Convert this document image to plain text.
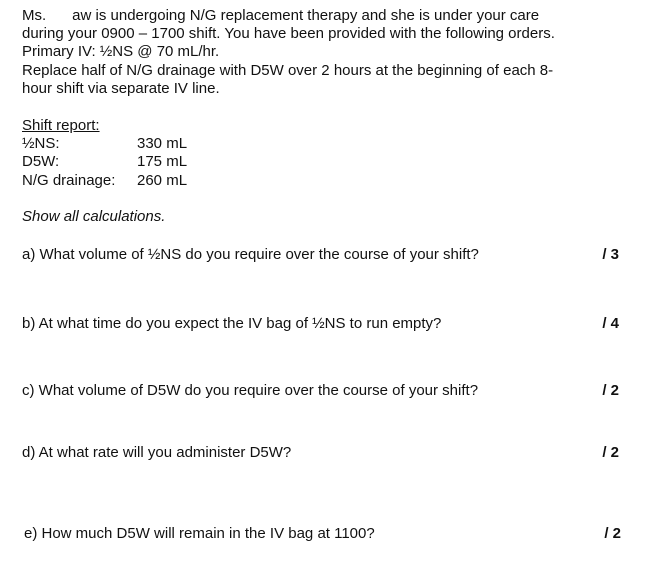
Ms. aw is undergoing N/G replacement therapy and she is under your care
during your 0900 – 1700 shift. You have been provided with the following orders.
Primary IV: ½NS @ 70 mL/hr.
Replace half of N/G drainage with D5W over 2 hours at the beginning of each 8-
hour shift via separate IV line.
Shift report:
½NS:	330 mL
D5W:	175 mL
N/G drainage: 260 mL
Show all calculations.
a) What volume of ½NS do you require over the course of your shift?	/ 3
b) At what time do you expect the IV bag of ½NS to run empty?	/ 4
c) What volume of D5W do you require over the course of your shift?	/ 2
d) At what rate will you administer D5W?	/ 2
e) How much D5W will remain in the IV bag at 1100?	/ 2
